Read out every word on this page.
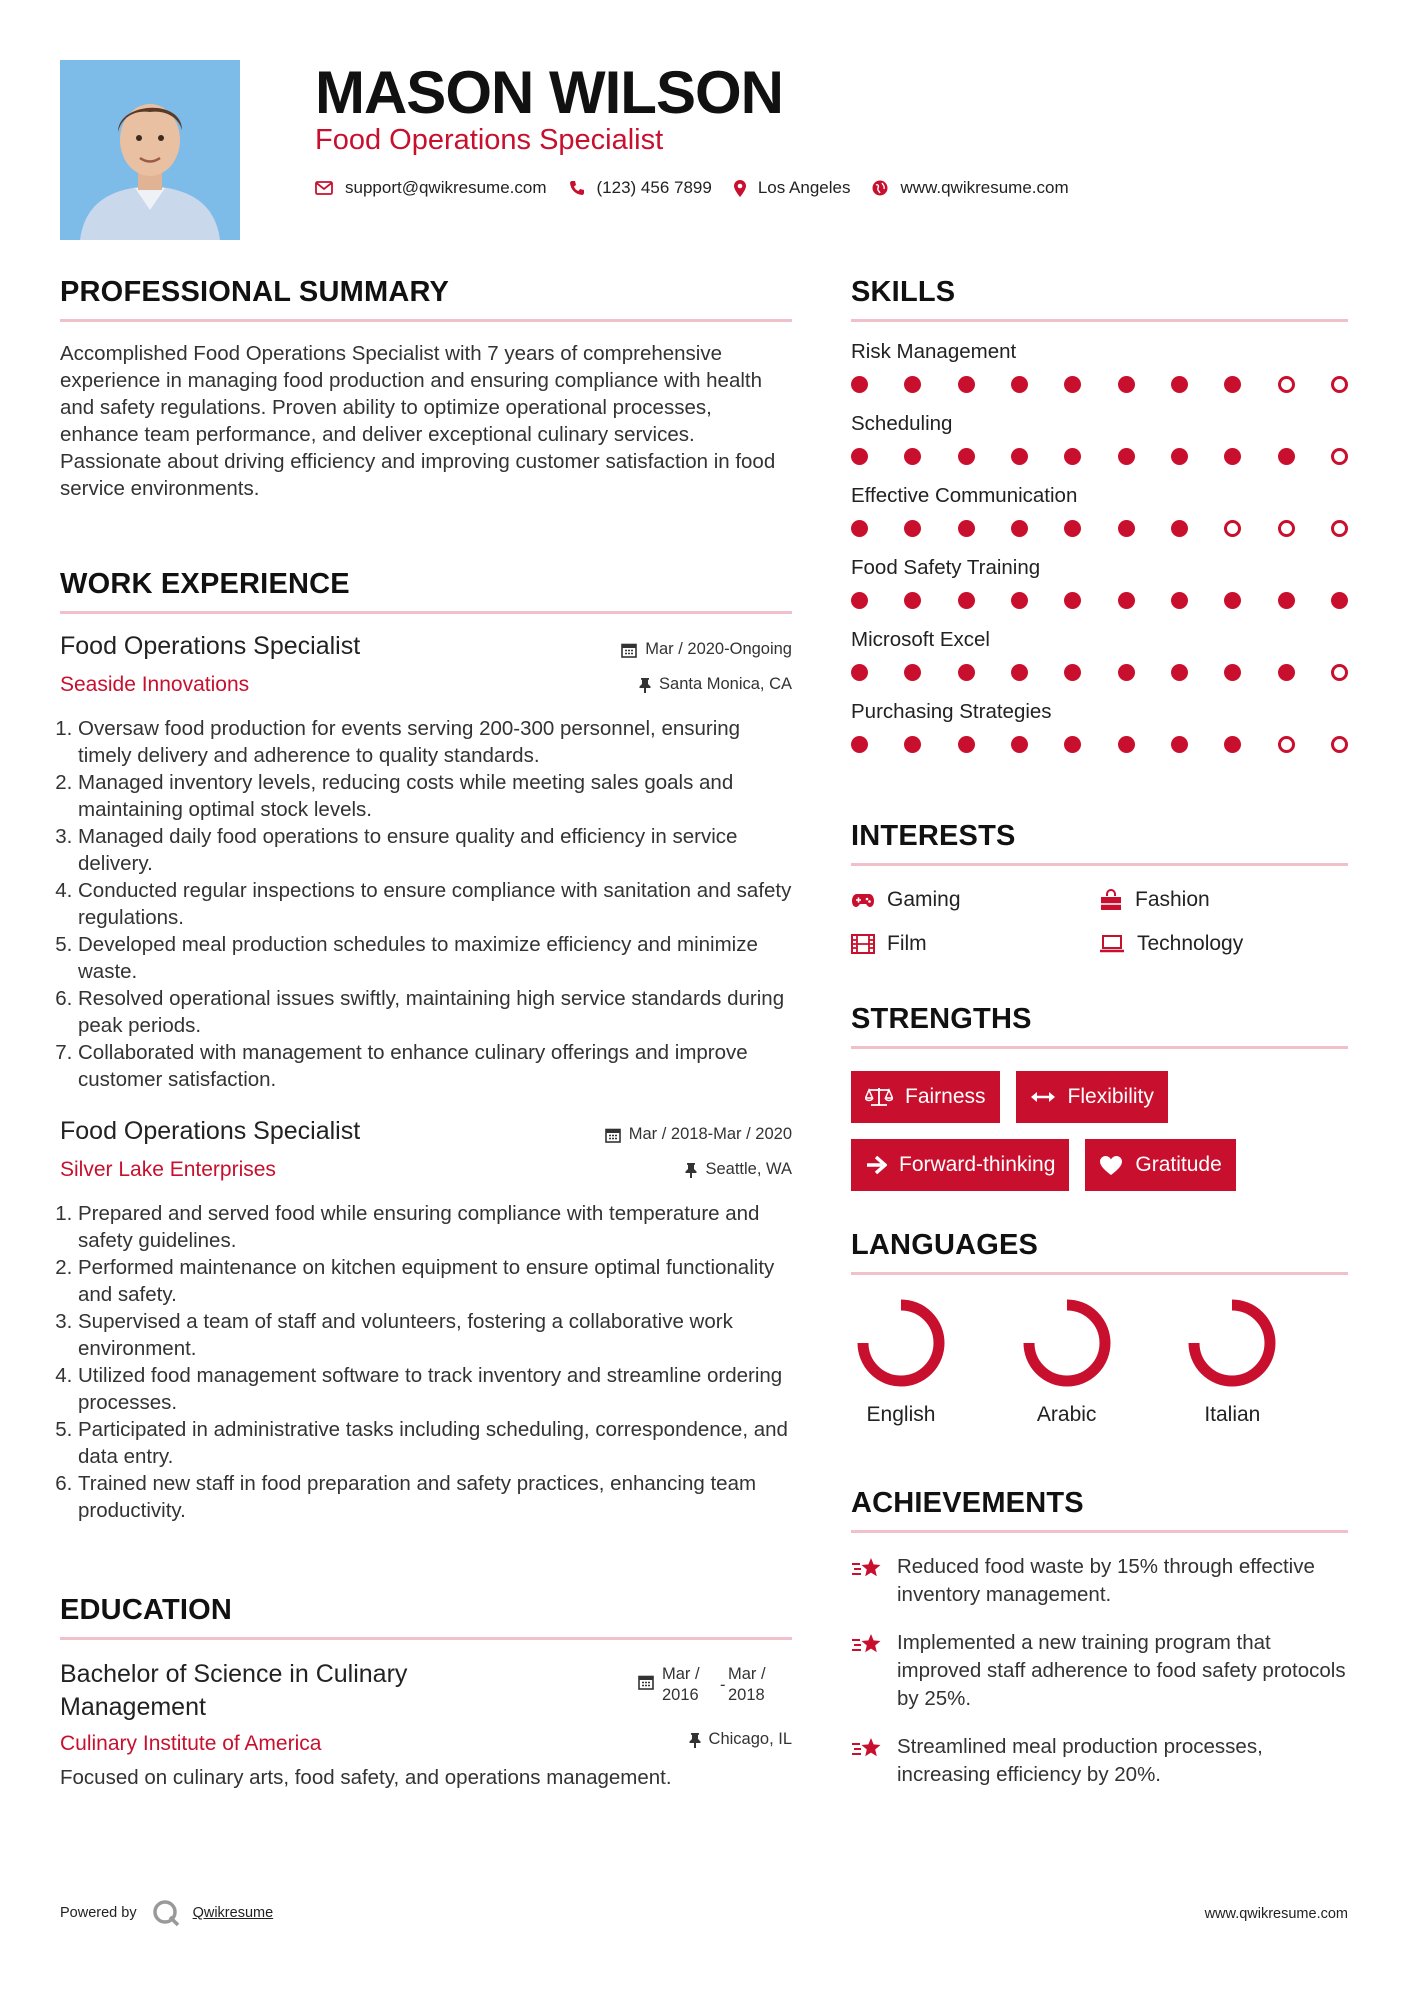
MASON WILSON
Food Operations Specialist
support@qwikresume.com	(123) 456 7899	Los Angeles	www.qwikresume.com
PROFESSIONAL SUMMARY
Accomplished Food Operations Specialist with 7 years of comprehensive experience in managing food production and ensuring compliance with health and safety regulations. Proven ability to optimize operational processes, enhance team performance, and deliver exceptional culinary services. Passionate about driving efficiency and improving customer satisfaction in food service environments.
WORK EXPERIENCE
Mar / 2020-Ongoing
Santa Monica, CA
Food Operations Specialist
Seaside Innovations
1. Oversaw food production for events serving 200-300 personnel, ensuring timely delivery and adherence to quality standards.
2. Managed inventory levels, reducing costs while meeting sales goals and maintaining optimal stock levels.
3. Managed daily food operations to ensure quality and efficiency in service delivery.
4. Conducted regular inspections to ensure compliance with sanitation and safety regulations.
5. Developed meal production schedules to maximize efficiency and minimize waste.
6. Resolved operational issues swiftly, maintaining high service standards during peak periods.
7. Collaborated with management to enhance culinary offerings and improve customer satisfaction.
Mar / 2018-Mar / 2020
Seattle, WA
Food Operations Specialist
Silver Lake Enterprises
1. Prepared and served food while ensuring compliance with temperature and safety guidelines.
2. Performed maintenance on kitchen equipment to ensure optimal functionality and safety.
3. Supervised a team of staff and volunteers, fostering a collaborative work environment.
4. Utilized food management software to track inventory and streamline ordering processes.
5. Participated in administrative tasks including scheduling, correspondence, and data entry.
6. Trained new staff in food preparation and safety practices, enhancing team productivity.
EDUCATION
Mar / 2016
-
Mar / 2018
Chicago, IL
Bachelor of Science in Culinary Management
Culinary Institute of America
Focused on culinary arts, food safety, and operations management.
SKILLS
Risk Management
Scheduling
Effective Communication
Food Safety Training
Microsoft Excel
Purchasing Strategies
INTERESTS
Gaming	Fashion
Film	Technology
STRENGTHS
Fairness	Flexibility
Forward-thinking	Gratitude
LANGUAGES
English	Arabic	Italian
ACHIEVEMENTS
Reduced food waste by 15% through effective inventory management.
Implemented a new training program that improved staff adherence to food safety protocols by 25%.
Streamlined meal production processes, increasing efficiency by 20%.
Powered by	Qwikresume	www.qwikresume.com
